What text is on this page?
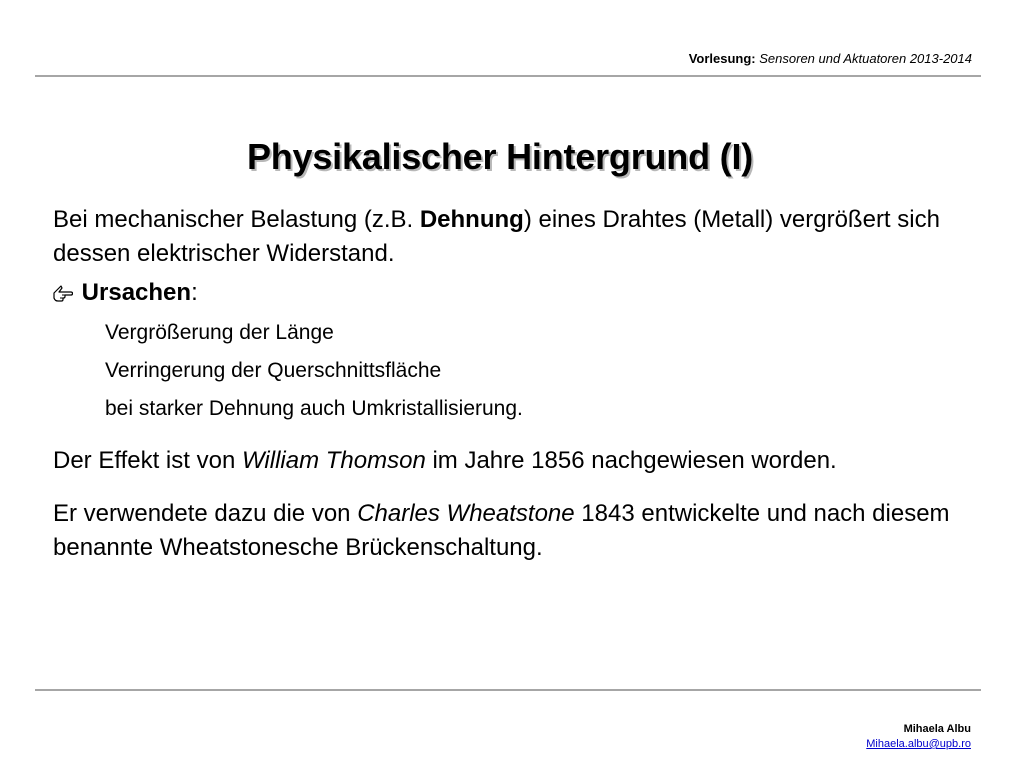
Vorlesung: Sensoren und Aktuatoren 2013-2014
Physikalischer Hintergrund (I)

Bei mechanischer Belastung (z.B. Dehnung) eines Drahtes (Metall) vergrößert sich dessen elektrischer Widerstand.

Ursachen:
Vergrößerung der Länge
Verringerung der Querschnittsfläche
bei starker Dehnung auch Umkristallisierung.

Der Effekt ist von William Thomson im Jahre 1856 nachgewiesen worden.

Er verwendete dazu die von Charles Wheatstone 1843 entwickelte und nach diesem benannte Wheatstonesche Brückenschaltung.

Mihaela Albu
Mihaela.albu@upb.ro
